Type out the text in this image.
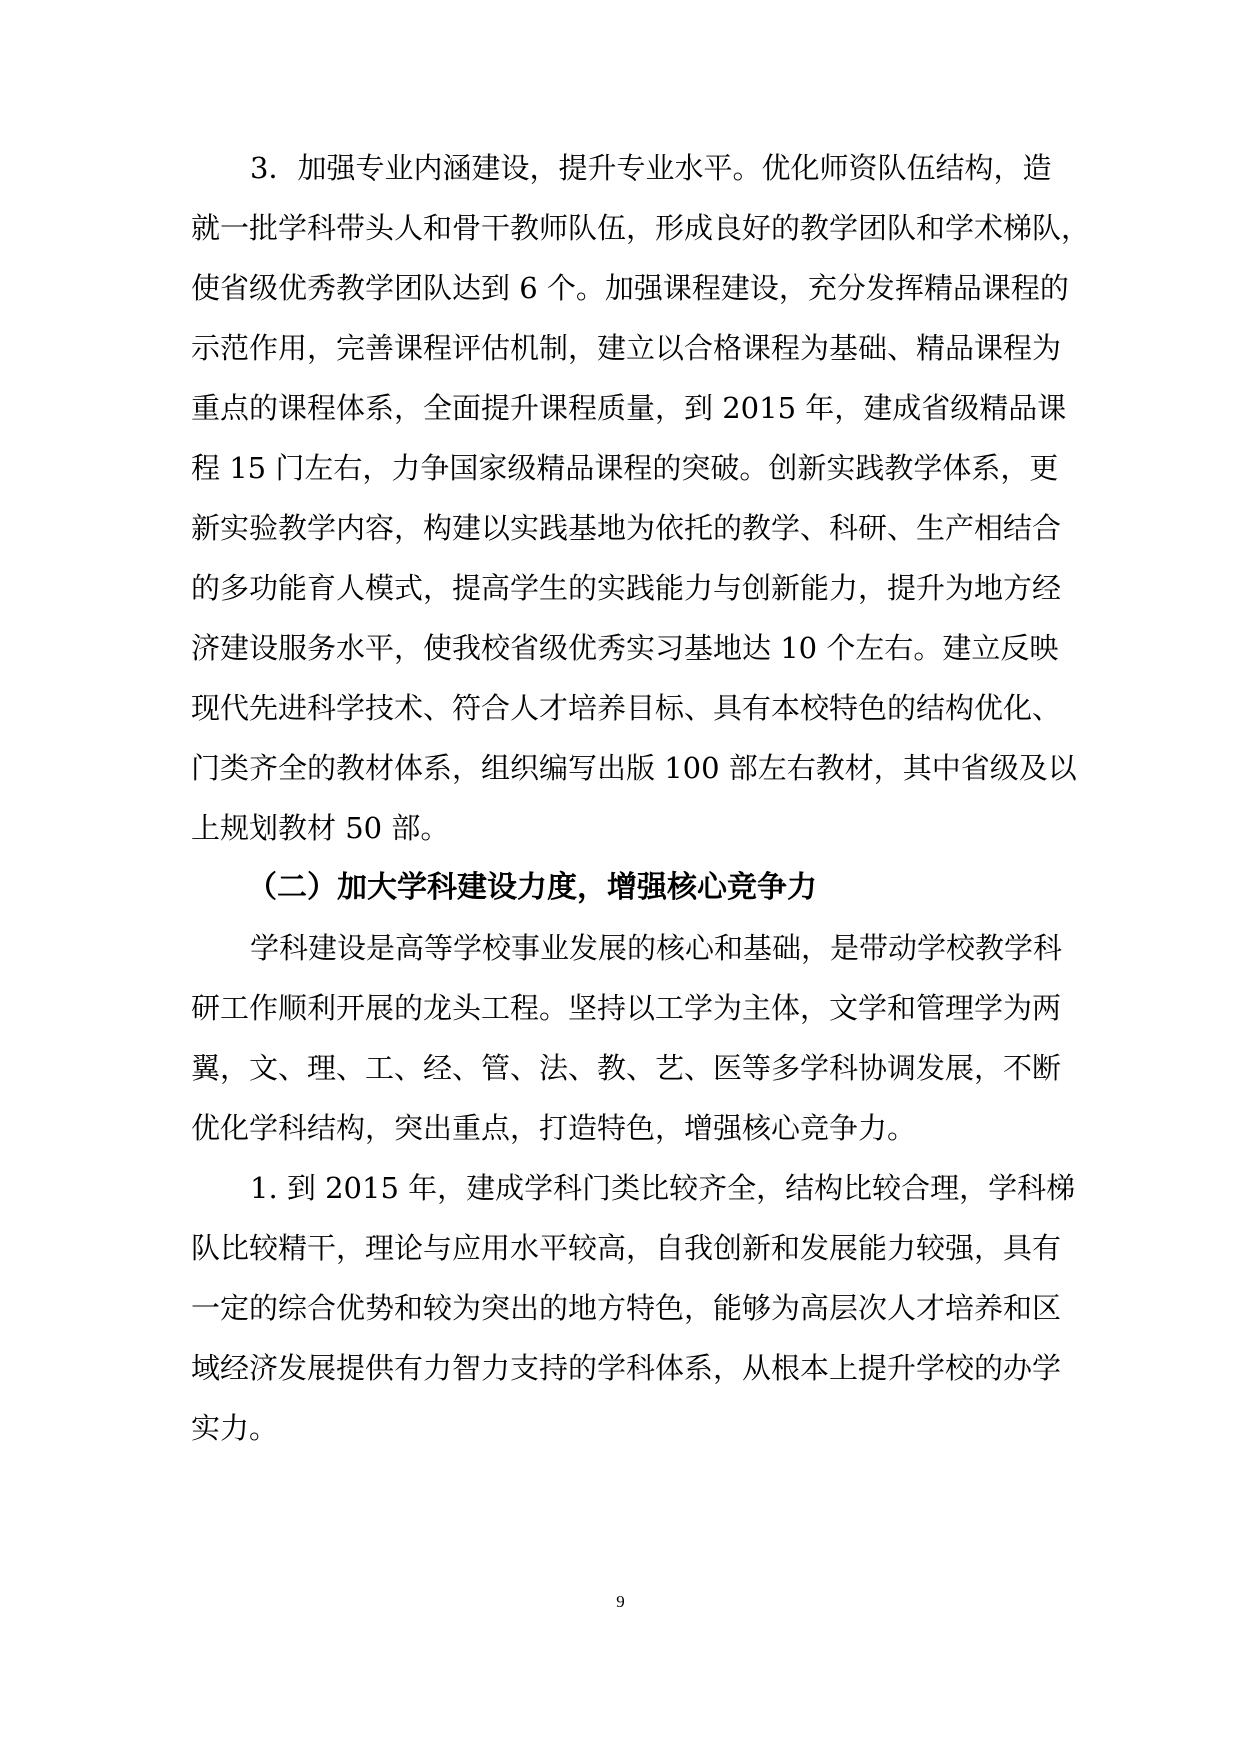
3．加强专业内涵建设，提升专业水平。优化师资队伍结构，造
就一批学科带头人和骨干教师队伍，形成良好的教学团队和学术梯队，
使省级优秀教学团队达到 6 个。加强课程建设，充分发挥精品课程的
示范作用，完善课程评估机制，建立以合格课程为基础、精品课程为
重点的课程体系，全面提升课程质量，到 2015 年，建成省级精品课
程 15 门左右，力争国家级精品课程的突破。创新实践教学体系，更
新实验教学内容，构建以实践基地为依托的教学、科研、生产相结合
的多功能育人模式，提高学生的实践能力与创新能力，提升为地方经
济建设服务水平，使我校省级优秀实习基地达 10 个左右。建立反映
现代先进科学技术、符合人才培养目标、具有本校特色的结构优化、
门类齐全的教材体系，组织编写出版 100 部左右教材，其中省级及以
上规划教材 50 部。
（二）加大学科建设力度，增强核心竞争力
学科建设是高等学校事业发展的核心和基础，是带动学校教学科
研工作顺利开展的龙头工程。坚持以工学为主体，文学和管理学为两
翼，文、理、工、经、管、法、教、艺、医等多学科协调发展，不断
优化学科结构，突出重点，打造特色，增强核心竞争力。
1. 到 2015 年，建成学科门类比较齐全，结构比较合理，学科梯
队比较精干，理论与应用水平较高，自我创新和发展能力较强，具有
一定的综合优势和较为突出的地方特色，能够为高层次人才培养和区
域经济发展提供有力智力支持的学科体系，从根本上提升学校的办学
实力。
9
